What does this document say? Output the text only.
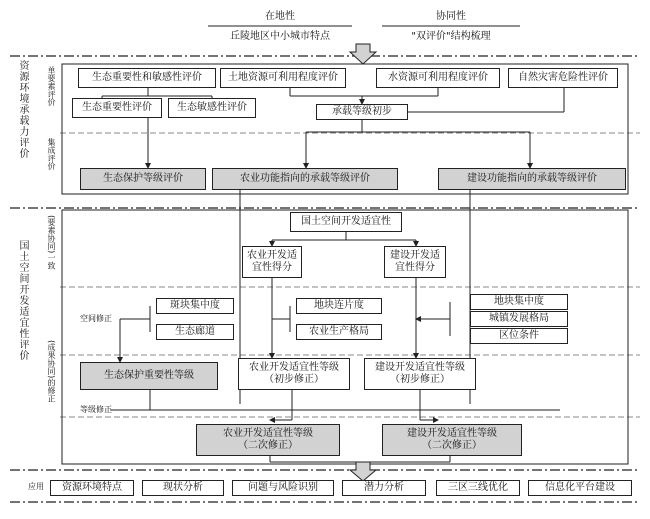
在地性
丘陵地区中小城市特点
协同性
"双评价"结构梳理
资源环境承载力评价 单要素评价
集成评价
国土空间开发适宜性评价 (要素协同)一致
(成果协同)的修正
生态重要性和敏感性评价	土地资源可利用程度评价	水资源可利用程度评价	自然灾害危险性评价
生态重要性评价	生态敏感性评价	承载等级初步
生态保护等级评价	农业功能指向的承载等级评价	建设功能指向的承载等级评价
国土空间开发适宜性
农业开发适
宜性得分
建设开发适
宜性得分
空间修正
斑块集中度
生态廊道
地块连片度
农业生产格局
地块集中度
城镇发展格局
区位条件
生态保护重要性等级
农业开发适宜性等级
（初步修正）
建设开发适宜性等级
（初步修正）
等级修正
农业开发适宜性等级
（二次修正）
建设开发适宜性等级
（二次修正）
应用	资源环境特点	现状分析	问题与风险识别	潜力分析	三区三线优化	信息化平台建设
